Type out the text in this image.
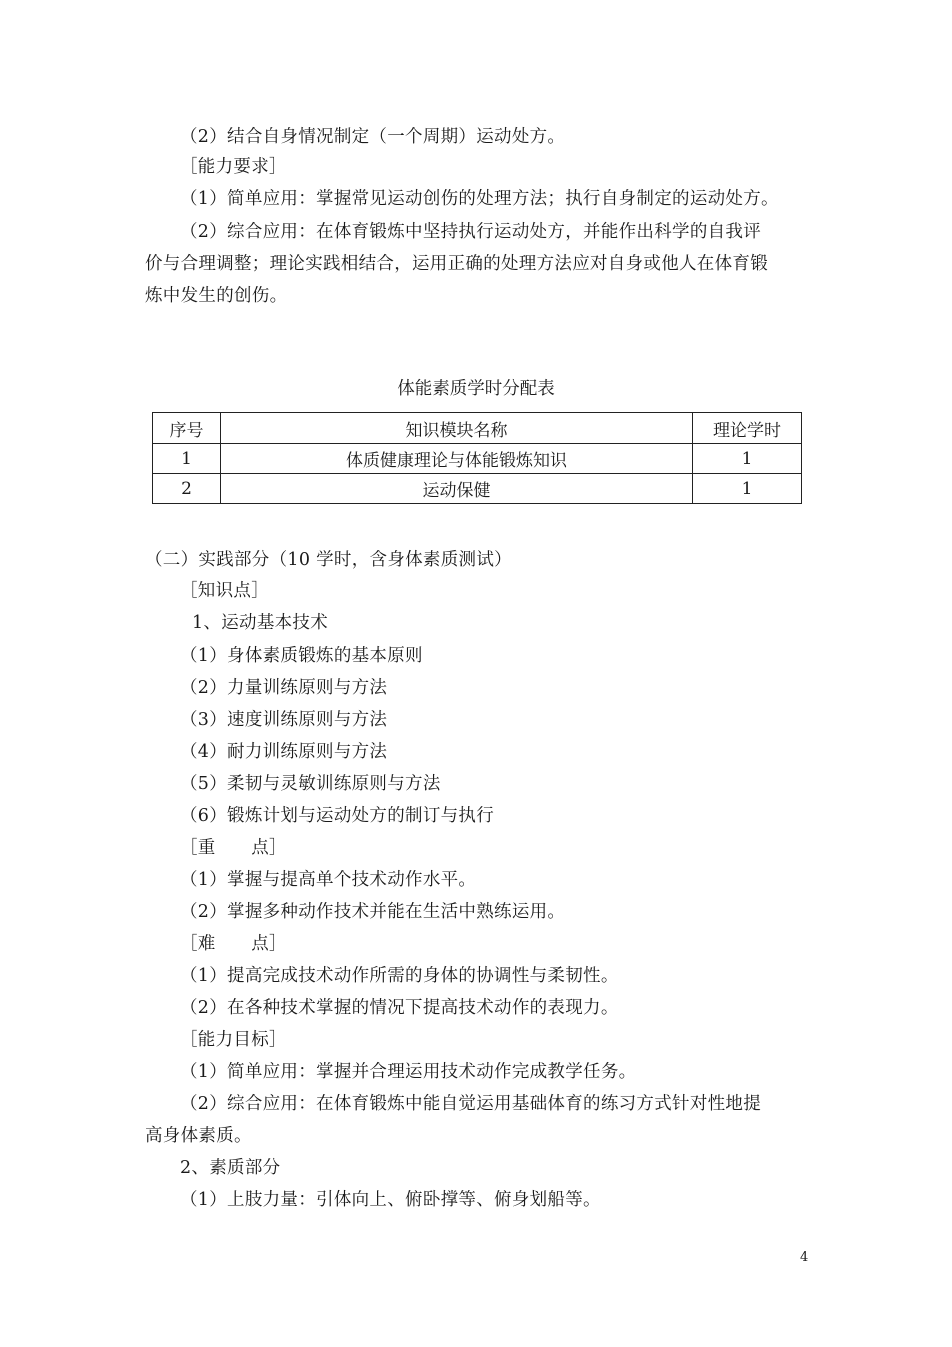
（2）结合自身情况制定（一个周期）运动处方。
［能力要求］
（1）简单应用：掌握常见运动创伤的处理方法；执行自身制定的运动处方。
（2）综合应用：在体育锻炼中坚持执行运动处方，并能作出科学的自我评
价与合理调整；理论实践相结合，运用正确的处理方法应对自身或他人在体育锻
炼中发生的创伤。
体能素质学时分配表
序号	知识模块名称	理论学时
1	体质健康理论与体能锻炼知识	1
2	运动保健	1
（二）实践部分（10 学时，含身体素质测试）
［知识点］
1、运动基本技术
（1）身体素质锻炼的基本原则
（2）力量训练原则与方法
（3）速度训练原则与方法
（4）耐力训练原则与方法
（5）柔韧与灵敏训练原则与方法
（6）锻炼计划与运动处方的制订与执行
［重　　点］
（1）掌握与提高单个技术动作水平。
（2）掌握多种动作技术并能在生活中熟练运用。
［难　　点］
（1）提高完成技术动作所需的身体的协调性与柔韧性。
（2）在各种技术掌握的情况下提高技术动作的表现力。
［能力目标］
（1）简单应用：掌握并合理运用技术动作完成教学任务。
（2）综合应用：在体育锻炼中能自觉运用基础体育的练习方式针对性地提
高身体素质。
2、素质部分
（1）上肢力量：引体向上、俯卧撑等、俯身划船等。
4
